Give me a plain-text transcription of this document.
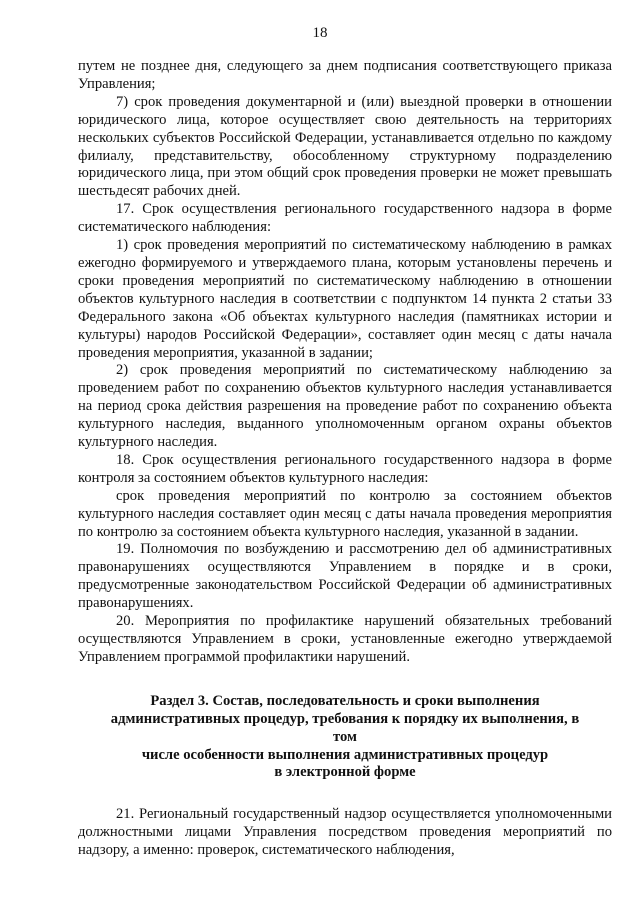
18

путем не позднее дня, следующего за днем подписания соответствующего приказа Управления;

7) срок проведения документарной и (или) выездной проверки в отношении юридического лица, которое осуществляет свою деятельность на территориях нескольких субъектов Российской Федерации, устанавливается отдельно по каждому филиалу, представительству, обособленному структурному подразделению юридического лица, при этом общий срок проведения проверки не может превышать шестьдесят рабочих дней.

17. Срок осуществления регионального государственного надзора в форме систематического наблюдения:

1) срок проведения мероприятий по систематическому наблюдению в рамках ежегодно формируемого и утверждаемого плана, которым установлены перечень и сроки проведения мероприятий по систематическому наблюдению в отношении объектов культурного наследия в соответствии с подпунктом 14 пункта 2 статьи 33 Федерального закона «Об объектах культурного наследия (памятниках истории и культуры) народов Российской Федерации», составляет один месяц с даты начала проведения мероприятия, указанной в задании;

2) срок проведения мероприятий по систематическому наблюдению за проведением работ по сохранению объектов культурного наследия устанавливается на период срока действия разрешения на проведение работ по сохранению объекта культурного наследия, выданного уполномоченным органом охраны объектов культурного наследия.

18. Срок осуществления регионального государственного надзора в форме контроля за состоянием объектов культурного наследия:

срок проведения мероприятий по контролю за состоянием объектов культурного наследия составляет один месяц с даты начала проведения мероприятия по контролю за состоянием объекта культурного наследия, указанной в задании.

19. Полномочия по возбуждению и рассмотрению дел об административных правонарушениях осуществляются Управлением в порядке и в сроки, предусмотренные законодательством Российской Федерации об административных правонарушениях.

20. Мероприятия по профилактике нарушений обязательных требований осуществляются Управлением в сроки, установленные ежегодно утверждаемой Управлением программой профилактики нарушений.

Раздел 3. Состав, последовательность и сроки выполнения
административных процедур, требования к порядку их выполнения, в том
числе особенности выполнения административных процедур
в электронной форме

21. Региональный государственный надзор осуществляется уполномоченными должностными лицами Управления посредством проведения мероприятий по надзору, а именно: проверок, систематического наблюдения,
